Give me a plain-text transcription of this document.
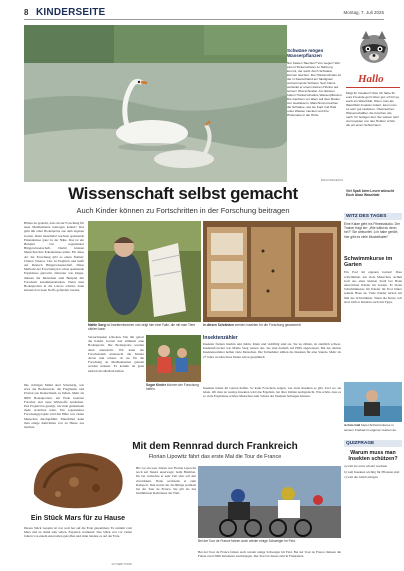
8 KINDERSEITE	Montag, 7. Juli 2025
Schwäne mögen Wasserpflanzen
Nur Kasten Tauchen? Von wegen! Wer einen Höckerschwan zu Nahrung kommt, der weiß: Auch Schwäne können tauchen. Der Höckerschwan ist der in Deutschland am häufigsten vorkommende Schwan. Sein Name verdankt er einem kleinen Höcker auf seinem Oberschnabel. Am liebsten futtern Höckerschwäne Wasserpflanzen. Die wachsen vor allem auf dem Boden von Gewässern. Manchmal erreichen die Schwäne, wie sie Kopf und Hals unter Wasser stecken und ihre Hinterseite in die Höhe.
IMAGO/DEGEZON
Hallo
Mögt ihr Insekten? Also ich habe für eure Freunde gern! Aber gut, ich bin ja auch ein Waschbär. Wenn man als Waschbär Insekten futtert, kann man es sehr gut studieren. Überraschen Wissenschaftler, die forschen wie nach. Ihr festigen fest: Sie wissen sehr viel Insekten von den Helfern schön, die wir einen Schutzraum.
Viel Spaß beim Lesen wünscht Euch Alaar Waschbär
Wissenschaft selbst gemacht
Auch Kinder können zu Fortschritten in der Forschung beitragen
Hätten du gedacht, dass du zur Forschung für neue Medikamente beitragen kannst? Das geht mit einer Bodenprobe aus dem eigenen Garten. Denn manchmal wachsen spannende Erkenntnisse ganz in der Nähe. Das ist ein Beispiel von sogenannter Bürgerwissenschaft. Damit können Menschen ihre Erkenntnisse teilen. Für diese Art der Forschung gibt es einen Namen: Citizen Science. Das ist Englisch und heißt auf Deutsch Bürgerwissenschaft. Diese Methode der Forschung hat schon spannende Ergebnisse gebracht. Darunter wie klappt, müssen die Menschen zum Beispiel mit Forschern zusammenarbeiten. Wenn man Bodenproben in die Labore schickt, dann können dort neue Stoffe gefunden werden.
Die richtigen Mittel sind Schwierig, wie etwa die Bodenwerte, die Fragmente und Proben aus Deutschland, in Italien. Mehr als 9000 Bodenproben, am Ende konnten Forscher dort neue Wirkstoffe entdecken. Das Projekt hat gezeigt, wie man gemeinsam mehr erreichen kann. Ein sogenanntes Forschungsprojekt wird mit Hilfe von vielen Menschen durchgeführt. Manchmal kann man einige Aktivitäten von zu Hause aus machen.
Mattie Saeg ist Insektenforscher und zeigt hier eine Falle, die mit man Tiere zählen kann.
In diesen Schränken werden Insekten für die Forschung gesammelt.
Versuchspaket schicken. Die mit gelost die Kinder Garten und stimmen eine Bodenprobe. Die Bodenprobe werden dann untersucht. Wir kann ein Forschendem untersucht die Kinder davon und schaut, ob sie für die Forschung an Medikamenten genutzt werden können. Es kommt da ganz einfach die Medizin helfen.
Sogar Kinder können der Forschung helfen.
Insektenzähler
Insekten flattern hierhin und dahin. Klein und vielfältig sind sie. Sie zu zählen, ist ziemlich schwer. Insektenforscher wie Mattie Saeg wissen das. Sie sind deshalb auf Hilfe angewiesen. Bei der Aktion Insektensommer helfen viele Menschen. Die Teilnehmer zählen die Insekten für eine Stunde. Mehr als 27 Jahre werden diese Daten schon gesammelt.
Insekten haben im Garten helfen. So kann Forschern zeigen, wie viele Insekten es gibt. Und wo sie leben. Oft man zu wenige Insekten wird das Ergebnis, bei über Zahlen nachgedacht. Wie schön, dass es so viele Ergebnisse schöne Menschen zum Schutz der Insekten beitragen können.
Mit dem Rennrad durch Frankreich
Florian Lipowitz fährt das erste Mal die Tour de France
Bis vor ein paar Jahren war Florian Lipowitz noch auf Skiern unterwegs: beim Biathlon. Da bei verbachte er sehr Zeit aber auf den Zweirädern. Dann wechselte er zum Radsport. Nun startet der 24-Jährige erstmals bei der Tour de France. Sie gilt als das berühmteste Radrennen der Welt.
Bei der Tour de France fahren auch wieder einige Schweiger im Feld.
Bei der Tour de France fahren auch wieder einige Schweiger im Feld. Bei der Tour de France müssen die Fahrer rund 3000 Kilometer zurücklegen. Der Start ist dieses Jahr in Frankreich.
Ein Stück Mars für zu Hause
Dieses Stück Gestein ist von weit her auf die Erde gekommen: Es stammt vom Mars und ist damit sehr selten. Experten vermuten: Das Stück war vor vielen Jahren von einem Asteroiden getroffen und dann landete es auf der Erde.
SOTHEBY'S/DPA
WITZ DES TAGES
Eine Katze geht ins Fitnessstudio. Der Trainer fragt sie: „Wie willst du denn hin?“ Sie antwortet: „Ich habe gehört, hier gibt es viele Muskelkater!“
Schwimmkurse im Garten
Ein Pool im eigenen Garten! Dass schwimmen, das viele Menschen. Achim Gall aus einer kleinen Stadt bei Bonn unterrichtet Kinder im Garten. Er bietet Schwimmkurse für Kinder im Pool hinter seinem Haus an. Viele Kinder lernen bei ihm das Schwimmen. Wenn die Kurse voll sind, hilft er Kindern auch mit Tipps.
Achim Gall bietet Schwimmkurse in seinem Freibad im eigenen Garten an.
QUIZFRAGE
Warum muss man Insekten schützen?
a) weil sie sonst wieder wachsen
b) weil Insekten wichtig für Pflanzen sind
c) weil die Glück bringen
